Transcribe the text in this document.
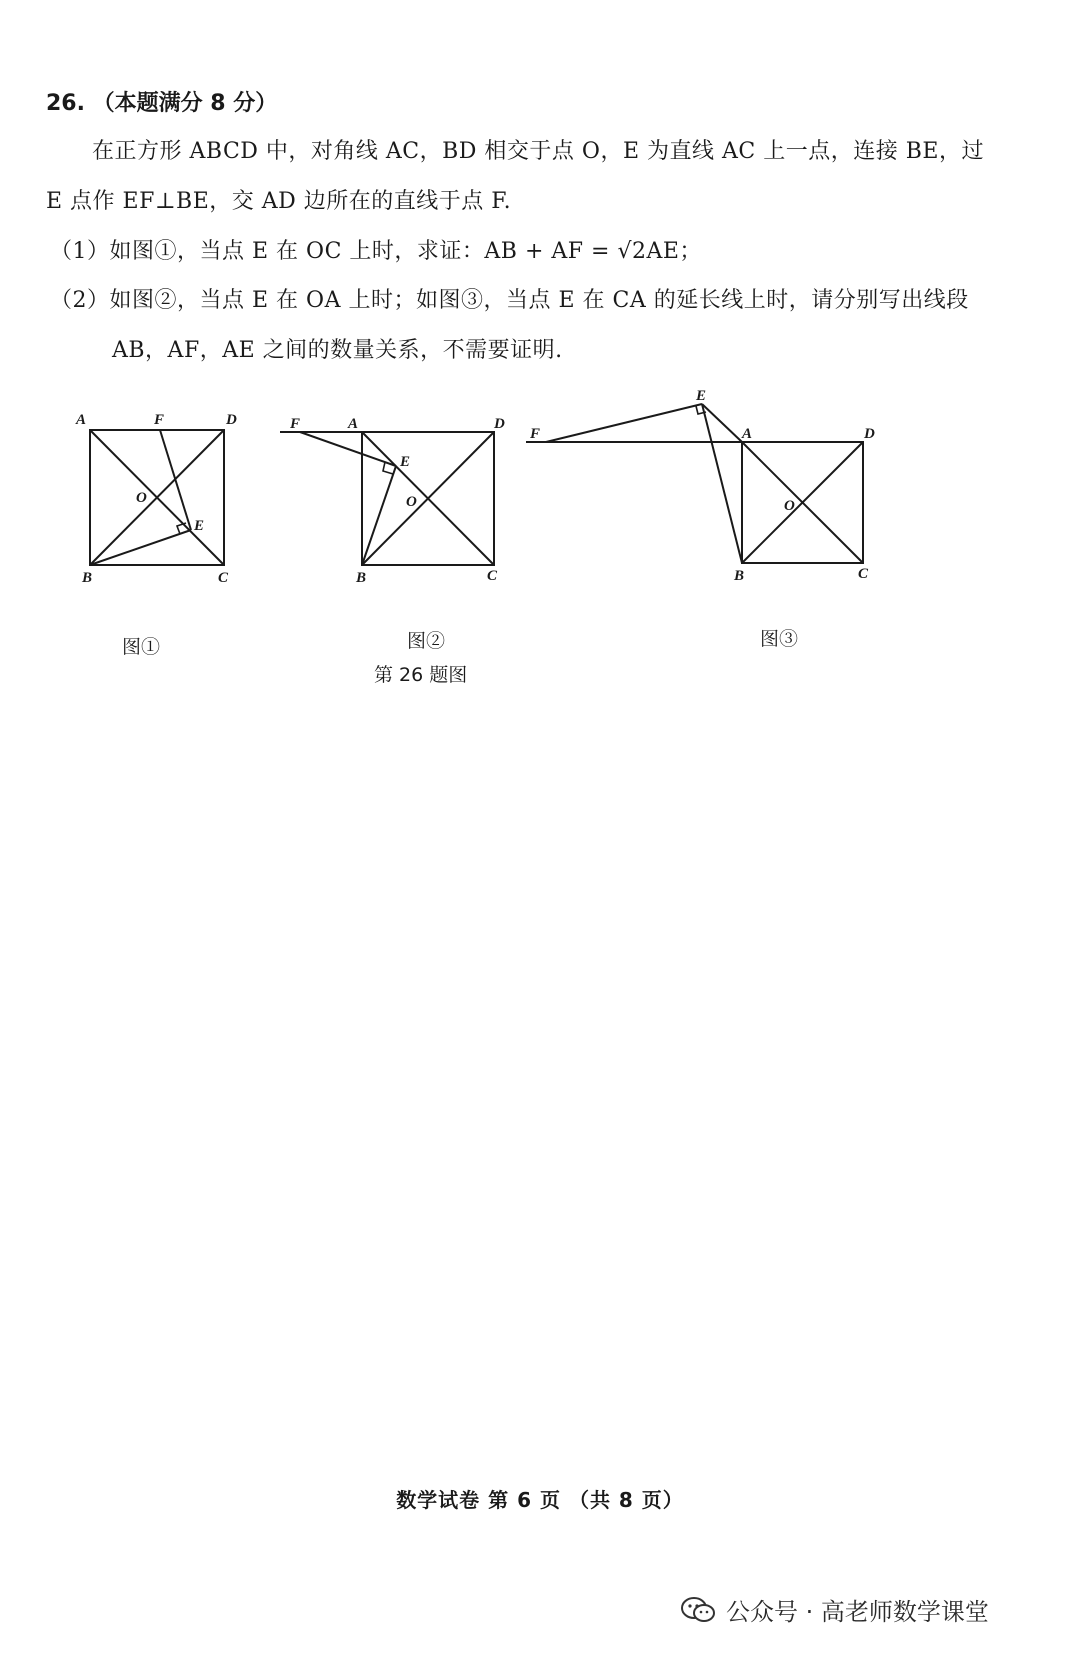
26. （本题满分 8 分）
在正方形 ABCD 中，对角线 AC，BD 相交于点 O，E 为直线 AC 上一点，连接 BE，过
E 点作 EF⊥BE，交 AD 边所在的直线于点 F.
（1）如图①，当点 E 在 OC 上时，求证：AB + AF = √2AE；
（2）如图②，当点 E 在 OA 上时；如图③，当点 E 在 CA 的延长线上时，请分别写出线段
AB，AF，AE 之间的数量关系，不需要证明.
A	F	D
O
E
B	C
F	A	D
E
O
B	C
E
F	A	D
O
B	C
图①	图②	图③
第 26 题图
数学试卷 第 6 页 （共 8 页）
公众号 · 高老师数学课堂
